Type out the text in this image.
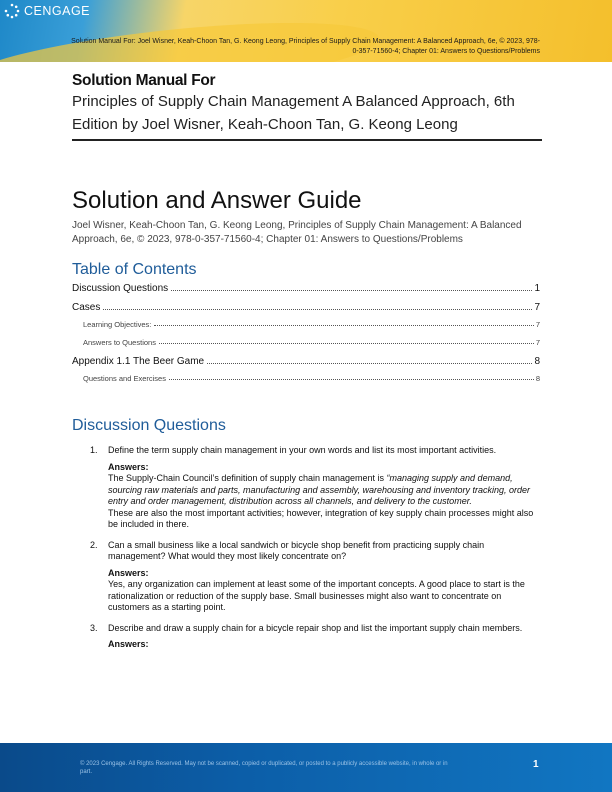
CENGAGE
Solution Manual For: Joel Wisner, Keah-Choon Tan, G. Keong Leong, Principles of Supply Chain Management: A Balanced Approach, 6e, © 2023, 978-0-357-71560-4; Chapter 01: Answers to Questions/Problems
Solution Manual For
Principles of Supply Chain Management A Balanced Approach, 6th
Edition by Joel Wisner, Keah-Choon Tan, G. Keong Leong
Solution and Answer Guide
Joel Wisner, Keah-Choon Tan, G. Keong Leong, Principles of Supply Chain Management: A Balanced Approach, 6e, © 2023, 978-0-357-71560-4; Chapter 01: Answers to Questions/Problems
Table of Contents
Discussion Questions	1
Cases	7
Learning Objectives:	7
Answers to Questions	7
Appendix 1.1 The Beer Game	8
Questions and Exercises	8
Discussion Questions
1.	Define the term supply chain management in your own words and list its most important activities.
Answers:
The Supply-Chain Council’s definition of supply chain management is “managing supply and demand, sourcing raw materials and parts, manufacturing and assembly, warehousing and inventory tracking, order entry and order management, distribution across all channels, and delivery to the customer.
These are also the most important activities; however, integration of key supply chain processes might also be included in there.
2.	Can a small business like a local sandwich or bicycle shop benefit from practicing supply chain management? What would they most likely concentrate on?
Answers:
Yes, any organization can implement at least some of the important concepts. A good place to start is the rationalization or reduction of the supply base. Small businesses might also want to concentrate on customers as a starting point.
3.	Describe and draw a supply chain for a bicycle repair shop and list the important supply chain members.
Answers:
© 2023 Cengage. All Rights Reserved. May not be scanned, copied or duplicated, or posted to a publicly accessible website, in whole or in part.
1
